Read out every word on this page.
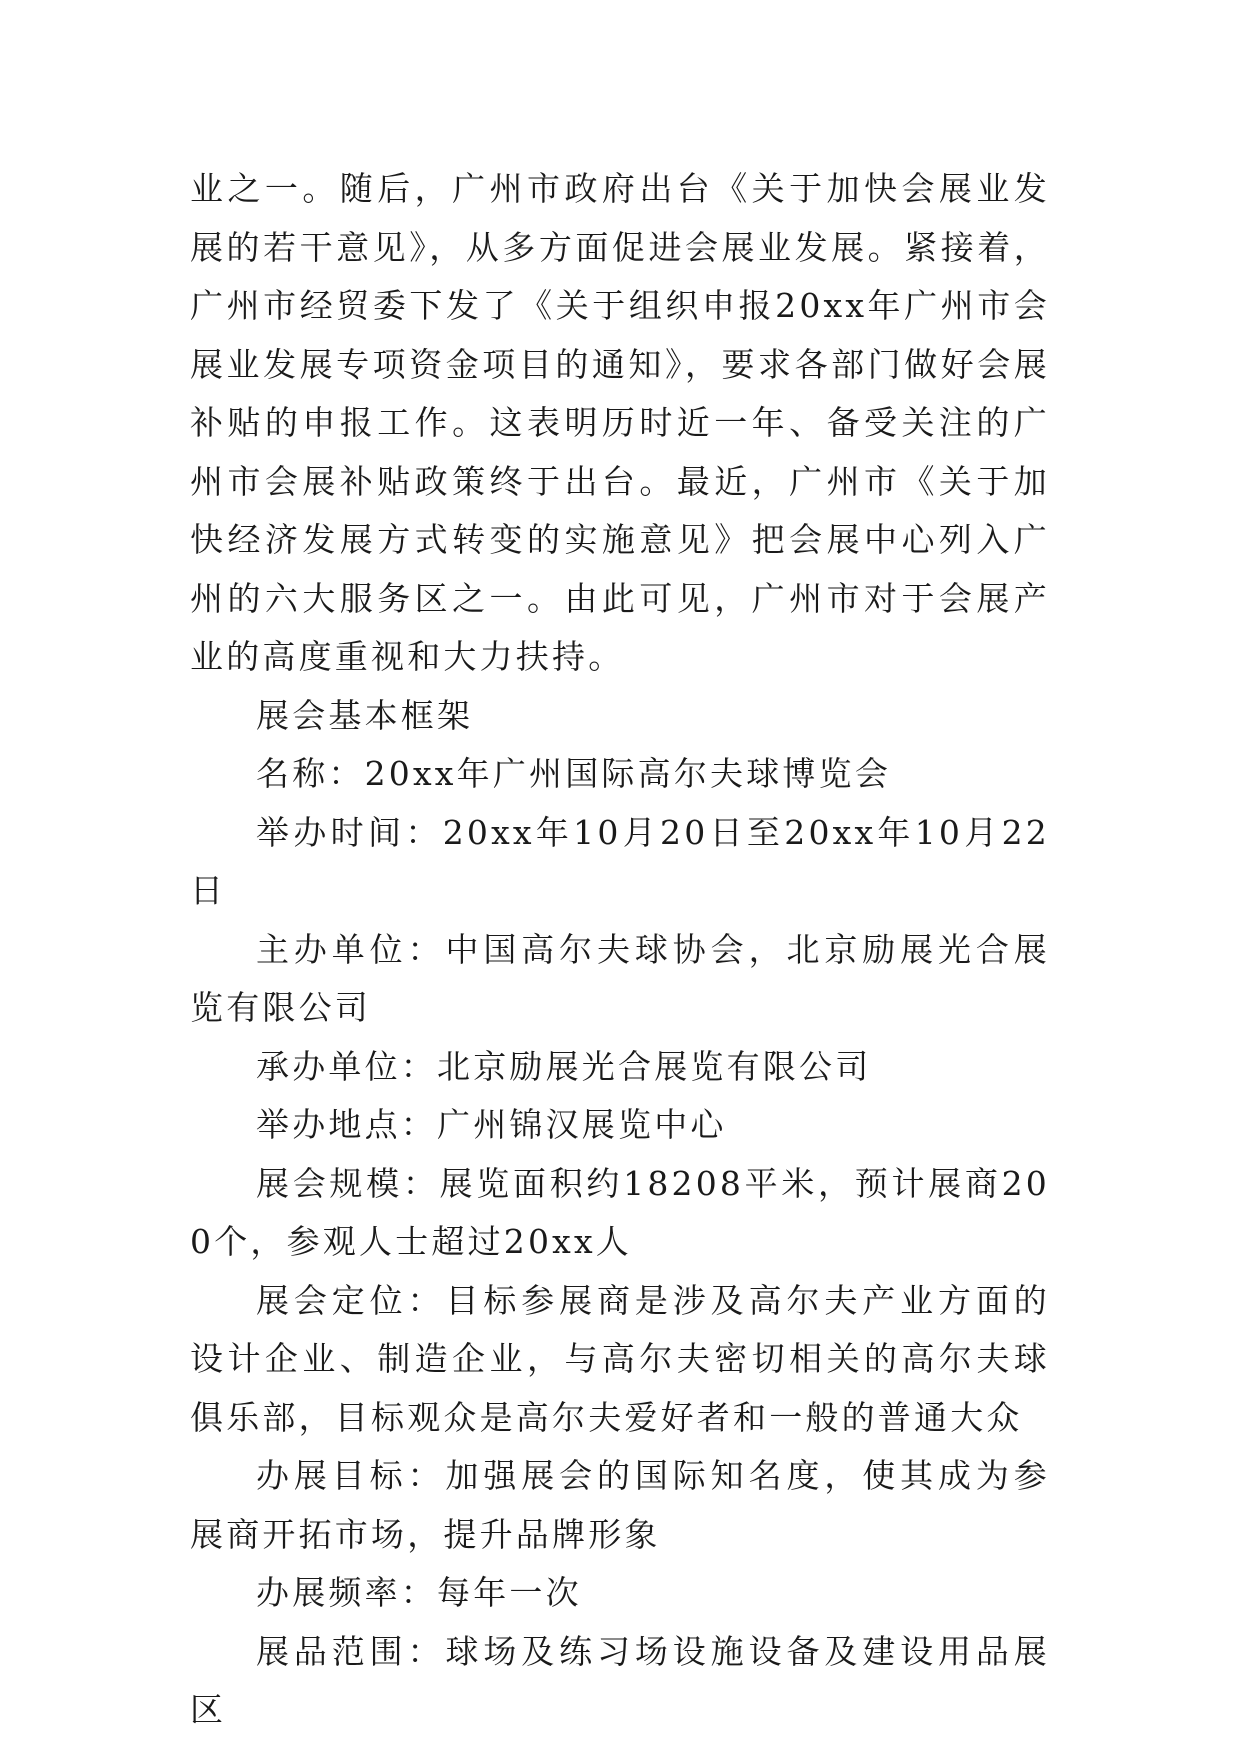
业之一。随后，广州市政府出台《关于加快会展业发展的若干意见》，从多方面促进会展业发展。紧接着，广州市经贸委下发了《关于组织申报20xx年广州市会展业发展专项资金项目的通知》，要求各部门做好会展补贴的申报工作。这表明历时近一年、备受关注的广州市会展补贴政策终于出台。最近，广州市《关于加快经济发展方式转变的实施意见》把会展中心列入广州的六大服务区之一。由此可见，广州市对于会展产业的高度重视和大力扶持。

展会基本框架

名称：20xx年广州国际高尔夫球博览会

举办时间：20xx年10月20日至20xx年10月22日

主办单位：中国高尔夫球协会，北京励展光合展览有限公司

承办单位：北京励展光合展览有限公司

举办地点：广州锦汉展览中心

展会规模：展览面积约18208平米，预计展商200个，参观人士超过20xx人

展会定位：目标参展商是涉及高尔夫产业方面的设计企业、制造企业，与高尔夫密切相关的高尔夫球俱乐部，目标观众是高尔夫爱好者和一般的普通大众

办展目标：加强展会的国际知名度，使其成为参展商开拓市场，提升品牌形象

办展频率：每年一次

展品范围：球场及练习场设施设备及建设用品展区
